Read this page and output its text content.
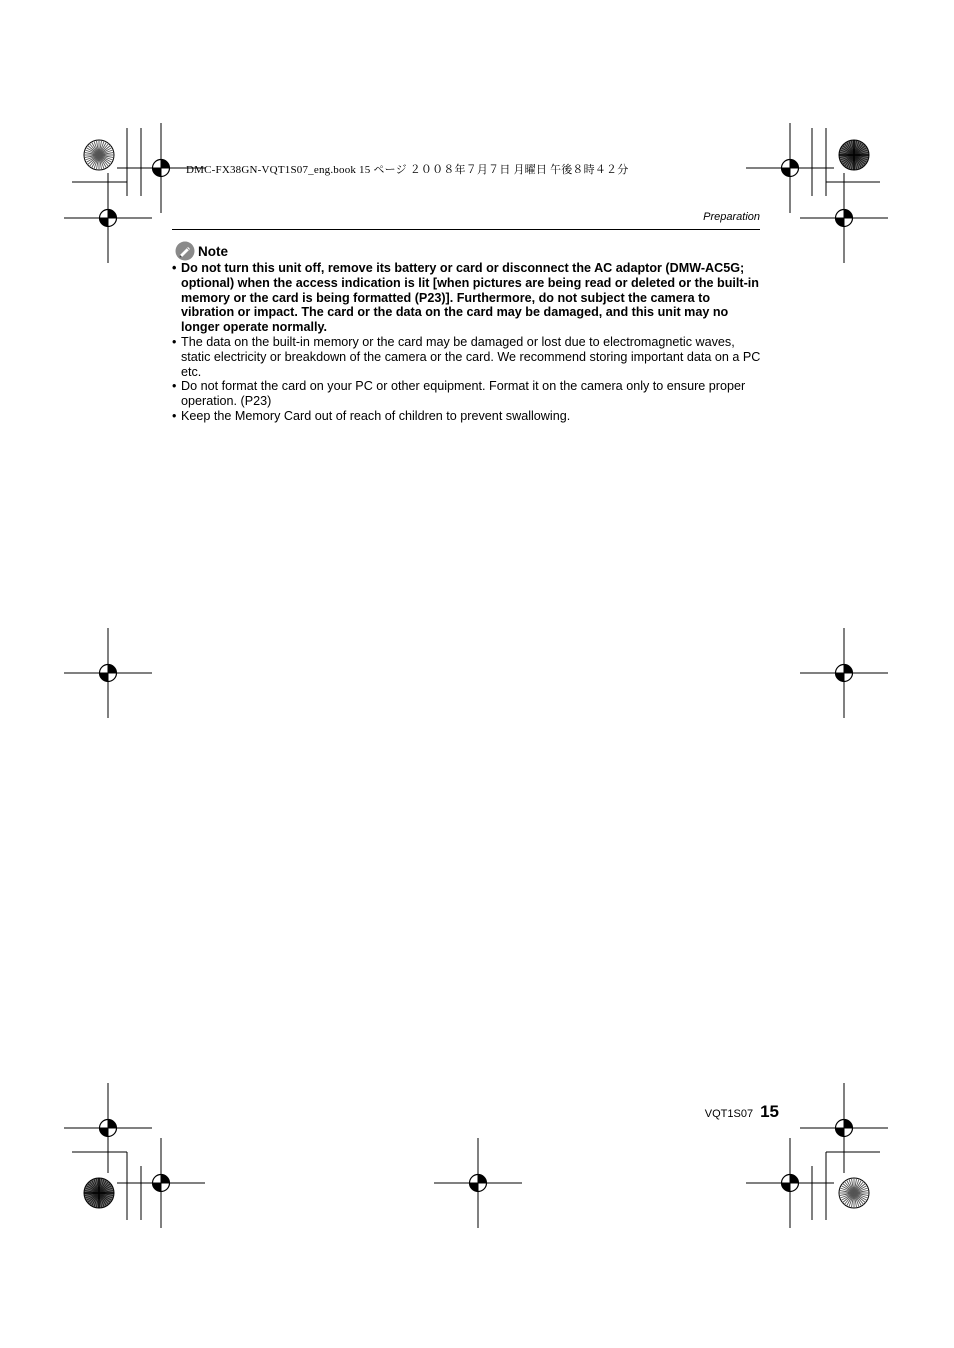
DMC-FX38GN-VQT1S07_eng.book 15 ページ ２００８年７月７日 月曜日 午後８時４２分
Preparation
Note
• Do not turn this unit off, remove its battery or card or disconnect the AC adaptor (DMW-AC5G; optional) when the access indication is lit [when pictures are being read or deleted or the built-in memory or the card is being formatted (P23)]. Furthermore, do not subject the camera to vibration or impact. The card or the data on the card may be damaged, and this unit may no longer operate normally.
• The data on the built-in memory or the card may be damaged or lost due to electromagnetic waves, static electricity or breakdown of the camera or the card. We recommend storing important data on a PC etc.
• Do not format the card on your PC or other equipment. Format it on the camera only to ensure proper operation. (P23)
• Keep the Memory Card out of reach of children to prevent swallowing.
VQT1S07 15
